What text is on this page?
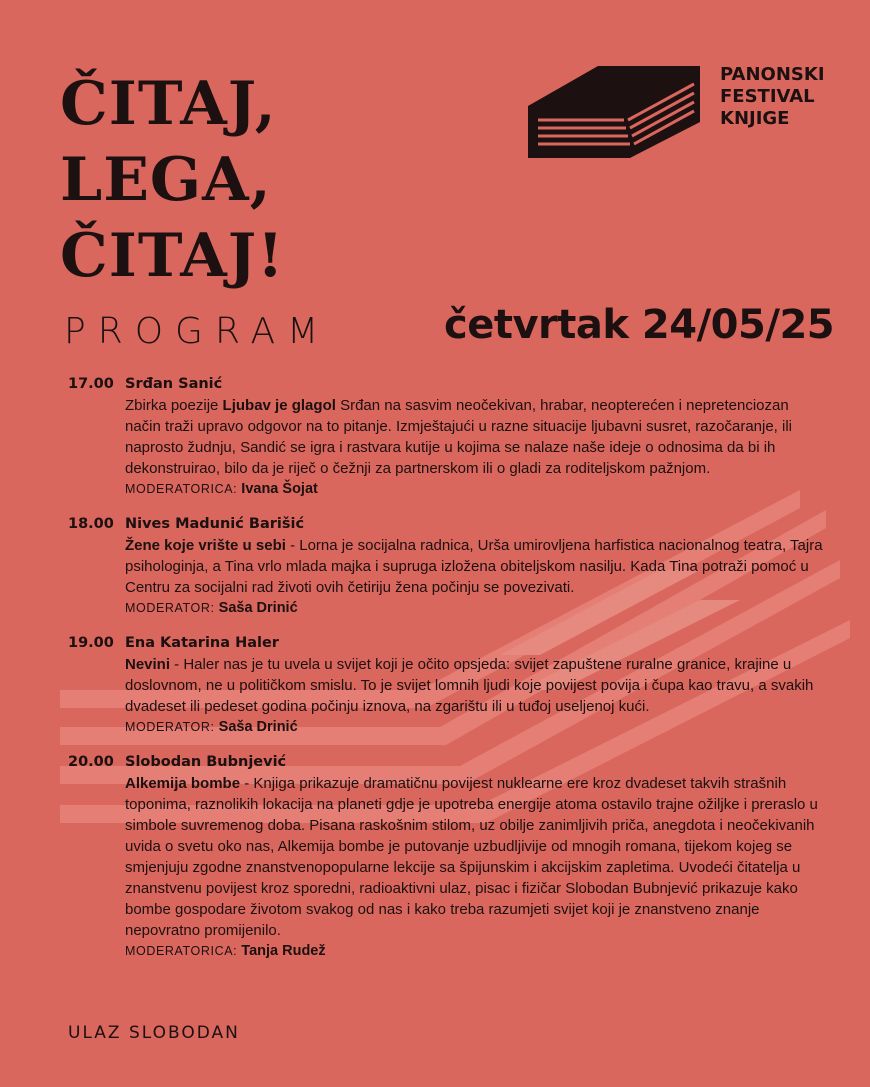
ČITAJ,
LEGA,
ČITAJ!
PANONSKI
FESTIVAL
KNJIGE
PROGRAM	četvrtak 24/05/25
17.00 Srđan Sanić
Zbirka poezije Ljubav je glagol Srđan na sasvim neočekivan, hrabar, neopterećen i nepretenciozan način traži upravo odgovor na to pitanje. Izmještajući u razne situacije ljubavni susret, razočaranje, ili naprosto žudnju, Sandić se igra i rastvara kutije u kojima se nalaze naše ideje o odnosima da bi ih dekonstruirao, bilo da je riječ o čežnji za partnerskom ili o gladi za roditeljskom pažnjom.
MODERATORICA: Ivana Šojat
18.00 Nives Madunić Barišić
Žene koje vrište u sebi - Lorna je socijalna radnica, Urša umirovljena harfistica nacionalnog teatra, Tajra psihologinja, a Tina vrlo mlada majka i supruga izložena obiteljskom nasilju. Kada Tina potraži pomoć u Centru za socijalni rad životi ovih četiriju žena počinju se povezivati.
MODERATOR: Saša Drinić
19.00 Ena Katarina Haler
Nevini - Haler nas je tu uvela u svijet koji je očito opsjeda: svijet zapuštene ruralne granice, krajine u doslovnom, ne u političkom smislu. To je svijet lomnih ljudi koje povijest povija i čupa kao travu, a svakih dvadeset ili pedeset godina počinju iznova, na zgarištu ili u tuđoj useljenoj kući.
MODERATOR: Saša Drinić
20.00 Slobodan Bubnjević
Alkemija bombe - Knjiga prikazuje dramatičnu povijest nuklearne ere kroz dvadeset takvih strašnih toponima, raznolikih lokacija na planeti gdje je upotreba energije atoma ostavilo trajne ožiljke i preraslo u simbole suvremenog doba. Pisana raskošnim stilom, uz obilje zanimljivih priča, anegdota i neočekivanih uvida o svetu oko nas, Alkemija bombe je putovanje uzbudljivije od mnogih romana, tijekom kojeg se smjenjuju zgodne znanstvenopopularne lekcije sa špijunskim i akcijskim zapletima. Uvodeći čitatelja u znanstvenu povijest kroz sporedni, radioaktivni ulaz, pisac i fizičar Slobodan Bubnjević prikazuje kako bombe gospodare životom svakog od nas i kako treba razumjeti svijet koji je znanstveno znanje nepovratno promijenilo.
MODERATORICA: Tanja Rudež
ULAZ SLOBODAN
